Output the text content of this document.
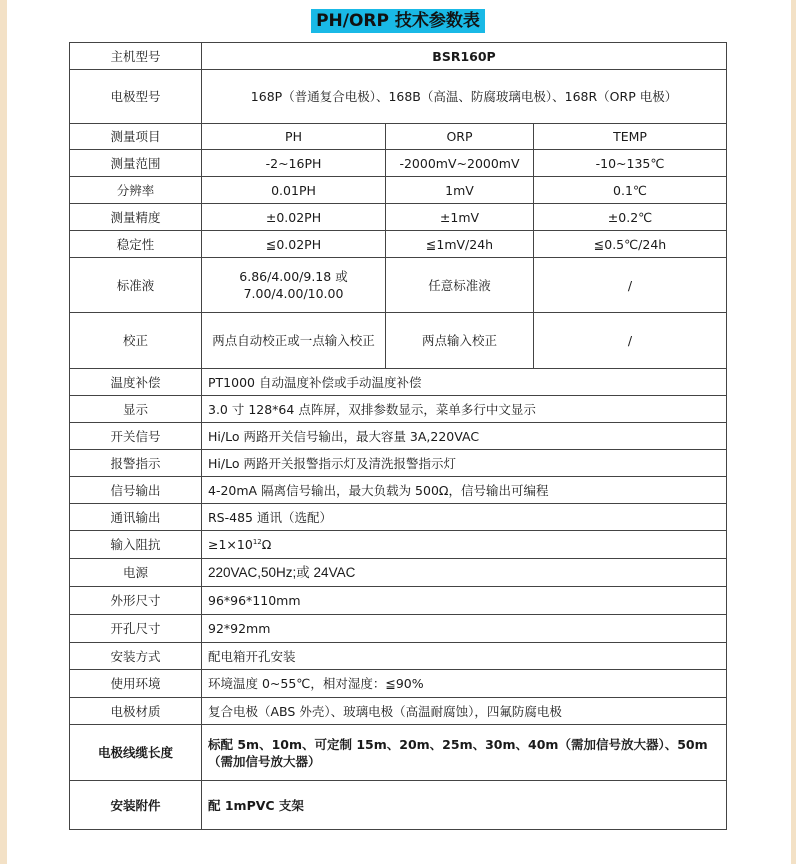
PH/ORP 技术参数表
主机型号	BSR160P		
电极型号	168P（普通复合电极）、168B（高温、防腐玻璃电极）、168R（ORP 电极）		
测量项目	PH	ORP	TEMP
测量范围	-2~16PH	-2000mV~2000mV	-10~135℃
分辨率	0.01PH	1mV	0.1℃
测量精度	±0.02PH	±1mV	±0.2℃
稳定性	≦0.02PH	≦1mV/24h	≦0.5℃/24h
标准液	6.86/4.00/9.18 或
7.00/4.00/10.00	任意标准液	/
校正	两点自动校正或一点输入校正	两点输入校正	/
温度补偿	PT1000 自动温度补偿或手动温度补偿		
显示	3.0 寸 128*64 点阵屏，双排参数显示，菜单多行中文显示		
开关信号	Hi/Lo 两路开关信号输出，最大容量 3A,220VAC		
报警指示	Hi/Lo 两路开关报警指示灯及清洗报警指示灯		
信号输出	4-20mA 隔离信号输出，最大负载为 500Ω，信号输出可编程		
通讯输出	RS-485 通讯（选配）		
输入阻抗	$\ge 1\times 10^{12}\Omega$		
电源	220VAC,50Hz;或 24VAC		
外形尺寸	96*96*110mm		
开孔尺寸	92*92mm		
安装方式	配电箱开孔安装		
使用环境	环境温度 0~55℃，相对湿度：≦90%		
电极材质	复合电极（ABS 外壳）、玻璃电极（高温耐腐蚀），四氟防腐电极		
电极线缆长度	标配 5m、10m、可定制 15m、20m、25m、30m、40m（需加信号放大器）、50m（需加信号放大器）		
安装附件	配 1mPVC 支架		
